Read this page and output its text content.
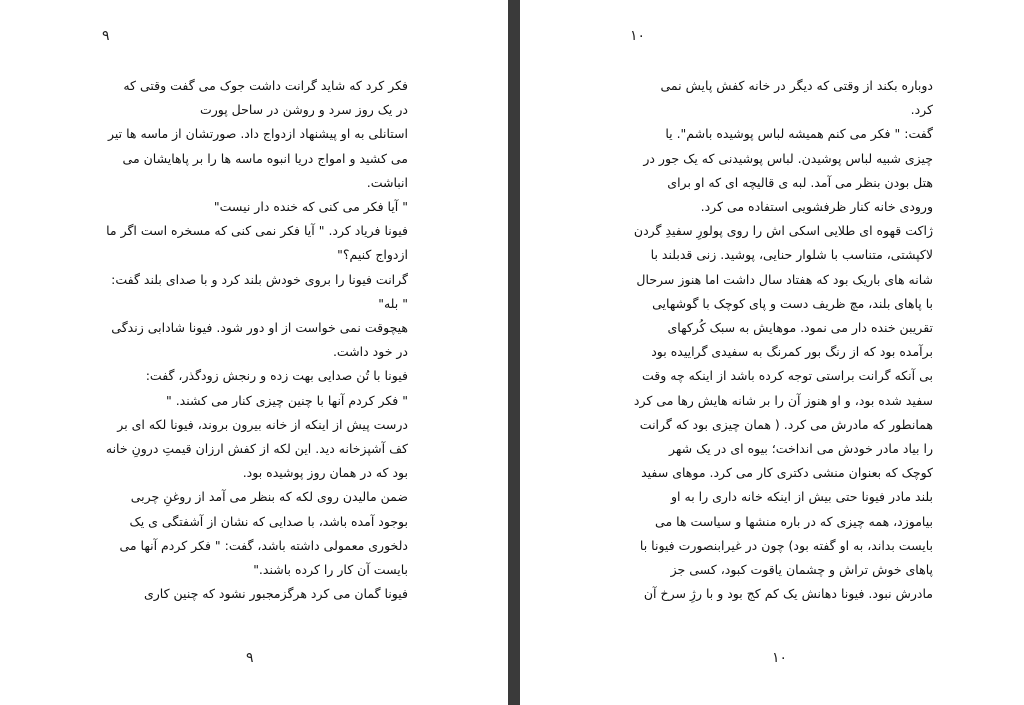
۹
فکر کرد که شاید گرانت داشت جوک می گفت وقتی که
در یک روز سرد و روشن در ساحل پورت
استانلی به او پیشنهاد ازدواج داد. صورتشان از ماسه ها تیر
می کشید و امواج دریا انبوه ماسه ها را بر پاهایشان می
انباشت.
" آیا فکر می کنی که خنده دار نیست"
فیونا فریاد کرد. " آیا فکر نمی کنی که مسخره است اگر ما
ازدواج کنیم؟"
گرانت فیونا را بروی خودش بلند کرد و با صدای بلند گفت:
" بله"
هیچوقت نمی خواست از او دور شود. فیونا شادابی زندگی
در خود داشت.
فیونا با تُن صدایی بهت زده و رنجش زودگذر، گفت:
" فکر کردم آنها با چنین چیزی کنار می کشند. "
درست پیش از اینکه از خانه بیرون بروند، فیونا لکه ای بر
کف آشپزخانه دید. این لکه از کفش ارزان قیمتِ درونِ خانه
بود که در همان روز پوشیده بود.
ضمن مالیدن روی لکه که بنظر می آمد از روغنِ چربی
بوجود آمده باشد، با صدایی که نشان از آشفتگی ی یک
دلخوری معمولی داشته باشد، گفت: " فکر کردم آنها می
بایست آن کار را کرده باشند."
فیونا گمان می کرد هرگزمجبور نشود که چنین کاری
۹
۱۰
دوباره بکند از وقتی که دیگر در خانه کفش پایش نمی
کرد.
گفت: " فکر می کنم همیشه لباس پوشیده باشم". یا
چیزی شبیه لباس پوشیدن. لباس پوشیدنی که یک جور در
هتل بودن بنظر می آمد. لبه ی قالیچه ای که او برای
ورودی خانه کنار ظرفشویی استفاده می کرد.
ژاکت قهوه ای طلایی اسکی اش را روی پولورِ سفیدِ گردن
لاکپشتی، متناسب با شلوار حنایی، پوشید. زنی قدبلند با
شانه های باریک بود که هفتاد سال داشت اما هنوز سرحال
با پاهای بلند، مچ ظریف دست و پای کوچک با گوشهایی
تقریبن خنده دار می نمود. موهایش به سبک کُرکهای
برآمده بود که از رنگ بور کمرنگ به سفیدی گراییده بود
بی آنکه گرانت براستی توجه کرده باشد از اینکه چه وقت
سفید شده بود، و او هنوز آن را بر شانه هایش رها می کرد
همانطور که مادرش می کرد. ( همان چیزی بود که گرانت
را بیاد مادر خودش می انداخت؛ بیوه ای در یک شهر
کوچک که بعنوان منشی دکتری کار می کرد. موهای سفید
بلند مادر فیونا حتی بیش از اینکه خانه داری را به او
بیاموزد، همه چیزی که در باره منشها و سیاست ها می
بایست بداند، به او گفته بود) چون در غیرابنصورت فیونا با
پاهای خوش تراش و چشمان یاقوت کبود، کسی جز
مادرش نبود. فیونا دهانش یک کم کج بود و با رژِ سرخ آن
۱۰
